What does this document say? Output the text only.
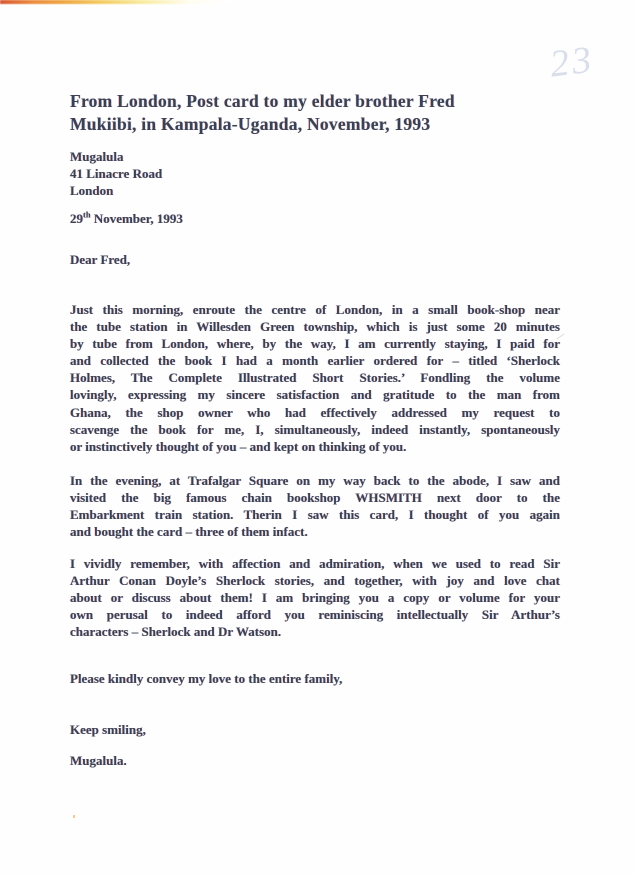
23
From London, Post card to my elder brother Fred
Mukiibi, in Kampala-Uganda, November, 1993
Mugalula
41 Linacre Road
London
29th November, 1993
Dear Fred,
Just this morning, enroute the centre of London, in a small book-shop near
the tube station in Willesden Green township, which is just some 20 minutes
by tube from London, where, by the way, I am currently staying, I paid for
and collected the book I had a month earlier ordered for – titled ‘Sherlock
Holmes, The Complete Illustrated Short Stories.’ Fondling the volume
lovingly, expressing my sincere satisfaction and gratitude to the man from
Ghana, the shop owner who had effectively addressed my request to
scavenge the book for me, I, simultaneously, indeed instantly, spontaneously
or instinctively thought of you – and kept on thinking of you.
In the evening, at Trafalgar Square on my way back to the abode, I saw and
visited the big famous chain bookshop WHSMITH next door to the
Embarkment train station. Therin I saw this card, I thought of you again
and bought the card – three of them infact.
I vividly remember, with affection and admiration, when we used to read Sir
Arthur Conan Doyle’s Sherlock stories, and together, with joy and love chat
about or discuss about them! I am bringing you a copy or volume for your
own perusal to indeed afford you reminiscing intellectually Sir Arthur’s
characters – Sherlock and Dr Watson.
Please kindly convey my love to the entire family,
Keep smiling,
Mugalula.
